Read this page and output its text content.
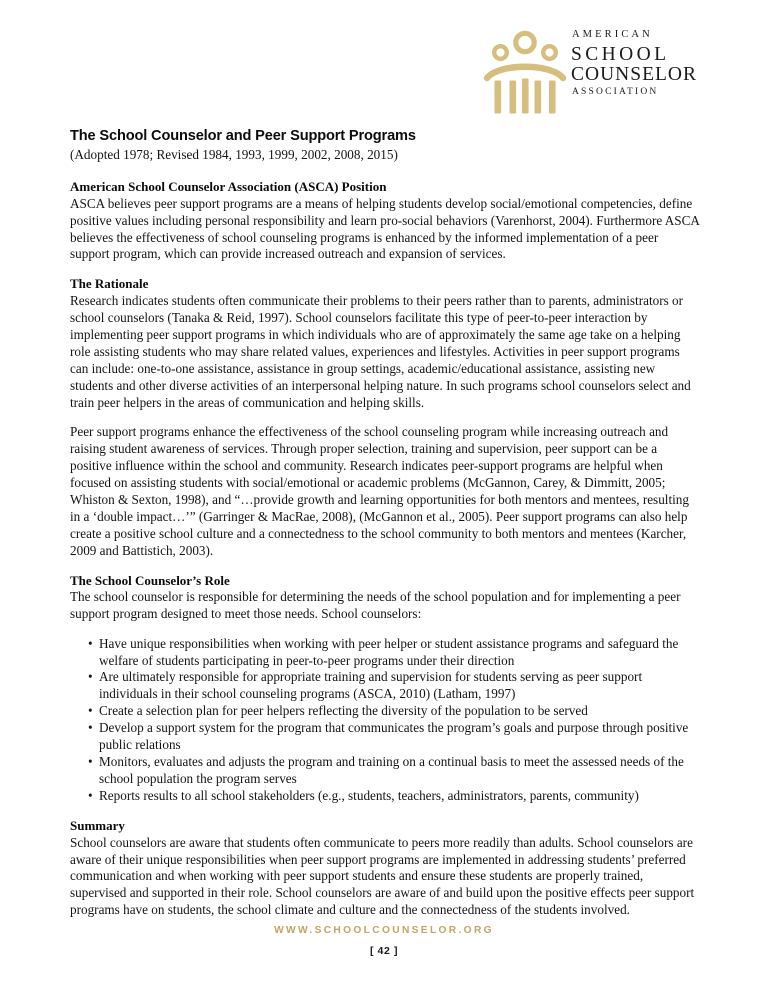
AMERICAN
SCHOOL
COUNSELOR
ASSOCIATION
The School Counselor and Peer Support Programs
(Adopted 1978; Revised 1984, 1993, 1999, 2002, 2008, 2015)
American School Counselor Association (ASCA) Position

ASCA believes peer support programs are a means of helping students develop social/emotional competencies, define positive values including personal responsibility and learn pro-social behaviors (Varenhorst, 2004). Furthermore ASCA believes the effectiveness of school counseling programs is enhanced by the informed implementation of a peer support program, which can provide increased outreach and expansion of services.

The Rationale

Research indicates students often communicate their problems to their peers rather than to parents, administrators or school counselors (Tanaka & Reid, 1997). School counselors facilitate this type of peer-to-peer interaction by implementing peer support programs in which individuals who are of approximately the same age take on a helping role assisting students who may share related values, experiences and lifestyles. Activities in peer support programs can include: one-to-one assistance, assistance in group settings, academic/educational assistance, assisting new students and other diverse activities of an interpersonal helping nature. In such programs school counselors select and train peer helpers in the areas of communication and helping skills.

Peer support programs enhance the effectiveness of the school counseling program while increasing outreach and raising student awareness of services. Through proper selection, training and supervision, peer support can be a positive influence within the school and community. Research indicates peer-support programs are helpful when focused on assisting students with social/emotional or academic problems (McGannon, Carey, & Dimmitt, 2005; Whiston & Sexton, 1998), and “…provide growth and learning opportunities for both mentors and mentees, resulting in a ‘double impact…’” (Garringer & MacRae, 2008), (McGannon et al., 2005). Peer support programs can also help create a positive school culture and a connectedness to the school community to both mentors and mentees (Karcher, 2009 and Battistich, 2003).

The School Counselor’s Role

The school counselor is responsible for determining the needs of the school population and for implementing a peer support program designed to meet those needs. School counselors:

• Have unique responsibilities when working with peer helper or student assistance programs and safeguard the welfare of students participating in peer-to-peer programs under their direction
• Are ultimately responsible for appropriate training and supervision for students serving as peer support individuals in their school counseling programs (ASCA, 2010) (Latham, 1997)
• Create a selection plan for peer helpers reflecting the diversity of the population to be served
• Develop a support system for the program that communicates the program’s goals and purpose through positive public relations
• Monitors, evaluates and adjusts the program and training on a continual basis to meet the assessed needs of the school population the program serves
• Reports results to all school stakeholders (e.g., students, teachers, administrators, parents, community)
Summary

School counselors are aware that students often communicate to peers more readily than adults. School counselors are aware of their unique responsibilities when peer support programs are implemented in addressing students’ preferred communication and when working with peer support students and ensure these students are properly trained, supervised and supported in their role. School counselors are aware of and build upon the positive effects peer support programs have on students, the school climate and culture and the connectedness of the students involved.

WWW.SCHOOLCOUNSELOR.ORG
[ 42 ]
